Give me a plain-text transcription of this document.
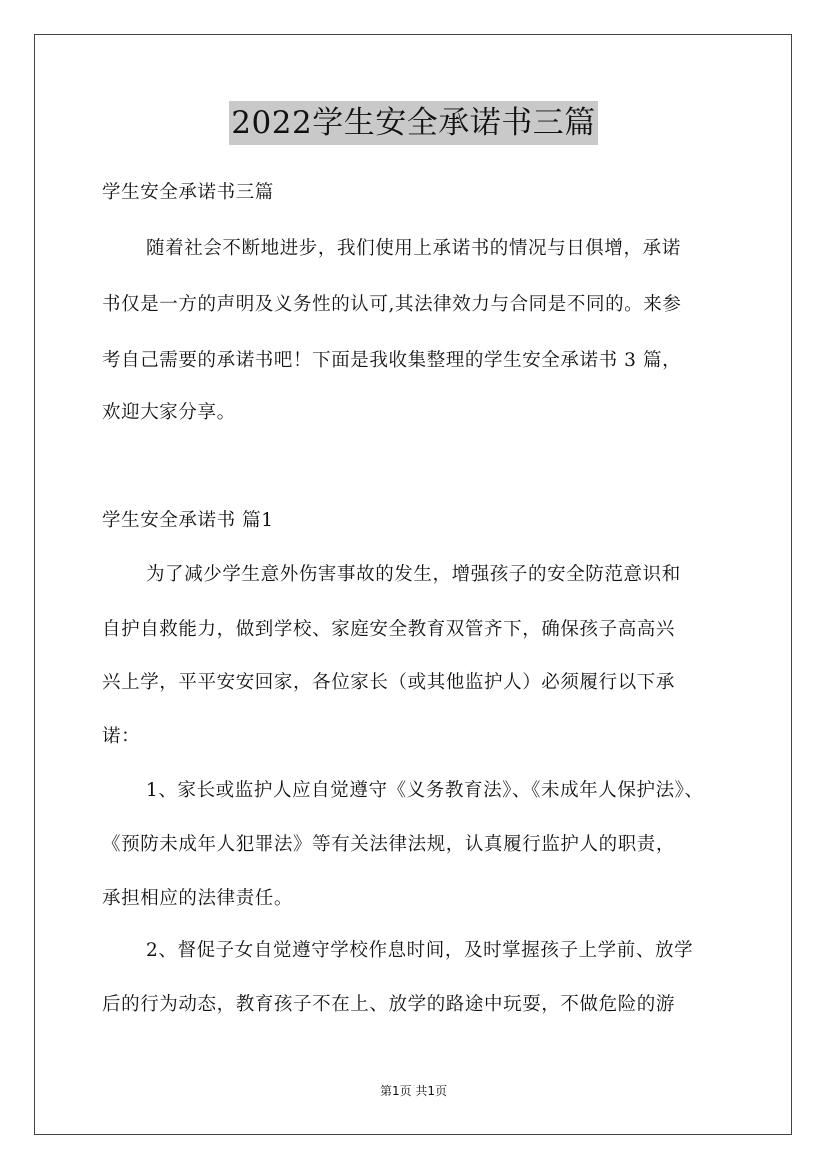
2022学生安全承诺书三篇
学生安全承诺书三篇
随着社会不断地进步，我们使用上承诺书的情况与日俱增，承诺
书仅是一方的声明及义务性的认可,其法律效力与合同是不同的。来参
考自己需要的承诺书吧！下面是我收集整理的学生安全承诺书 3 篇，
欢迎大家分享。
学生安全承诺书 篇1
为了减少学生意外伤害事故的发生，增强孩子的安全防范意识和
自护自救能力，做到学校、家庭安全教育双管齐下，确保孩子高高兴
兴上学，平平安安回家，各位家长（或其他监护人）必须履行以下承
诺：
1、家长或监护人应自觉遵守《义务教育法》、《未成年人保护法》、
《预防未成年人犯罪法》等有关法律法规，认真履行监护人的职责，
承担相应的法律责任。
2、督促子女自觉遵守学校作息时间，及时掌握孩子上学前、放学
后的行为动态，教育孩子不在上、放学的路途中玩耍，不做危险的游
第1页 共1页
